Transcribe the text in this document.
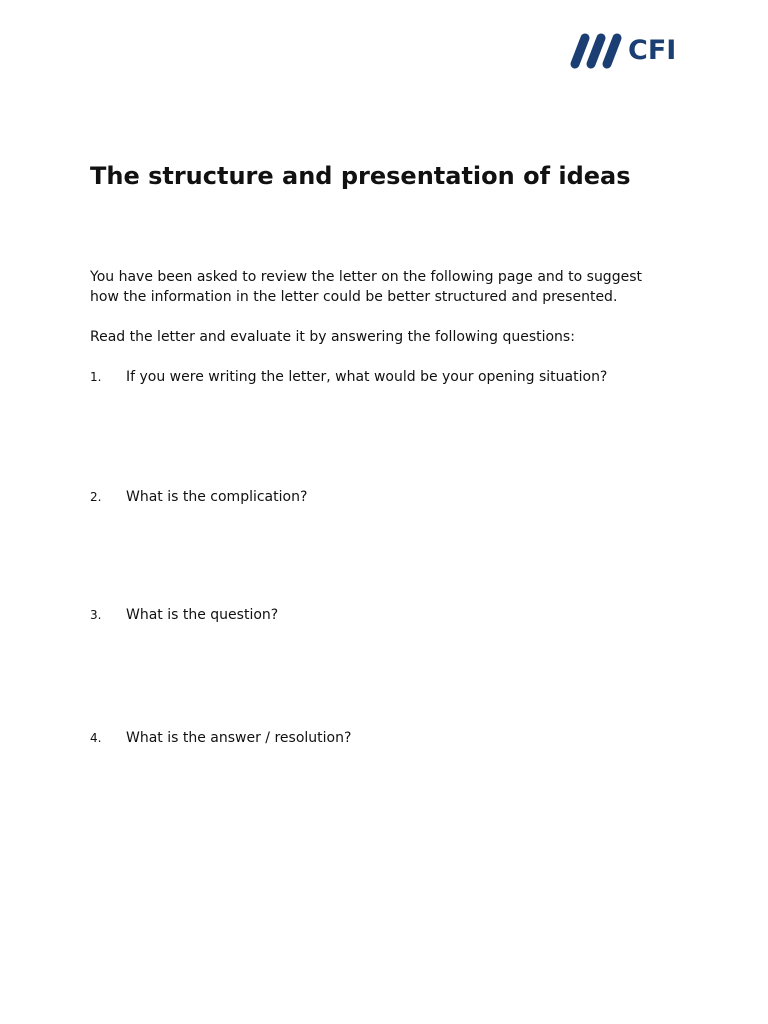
CFI
The structure and presentation of ideas

You have been asked to review the letter on the following page and to suggest how the information in the letter could be better structured and presented.

Read the letter and evaluate it by answering the following questions:

1. If you were writing the letter, what would be your opening situation?
2. What is the complication?
3. What is the question?
4. What is the answer / resolution?
